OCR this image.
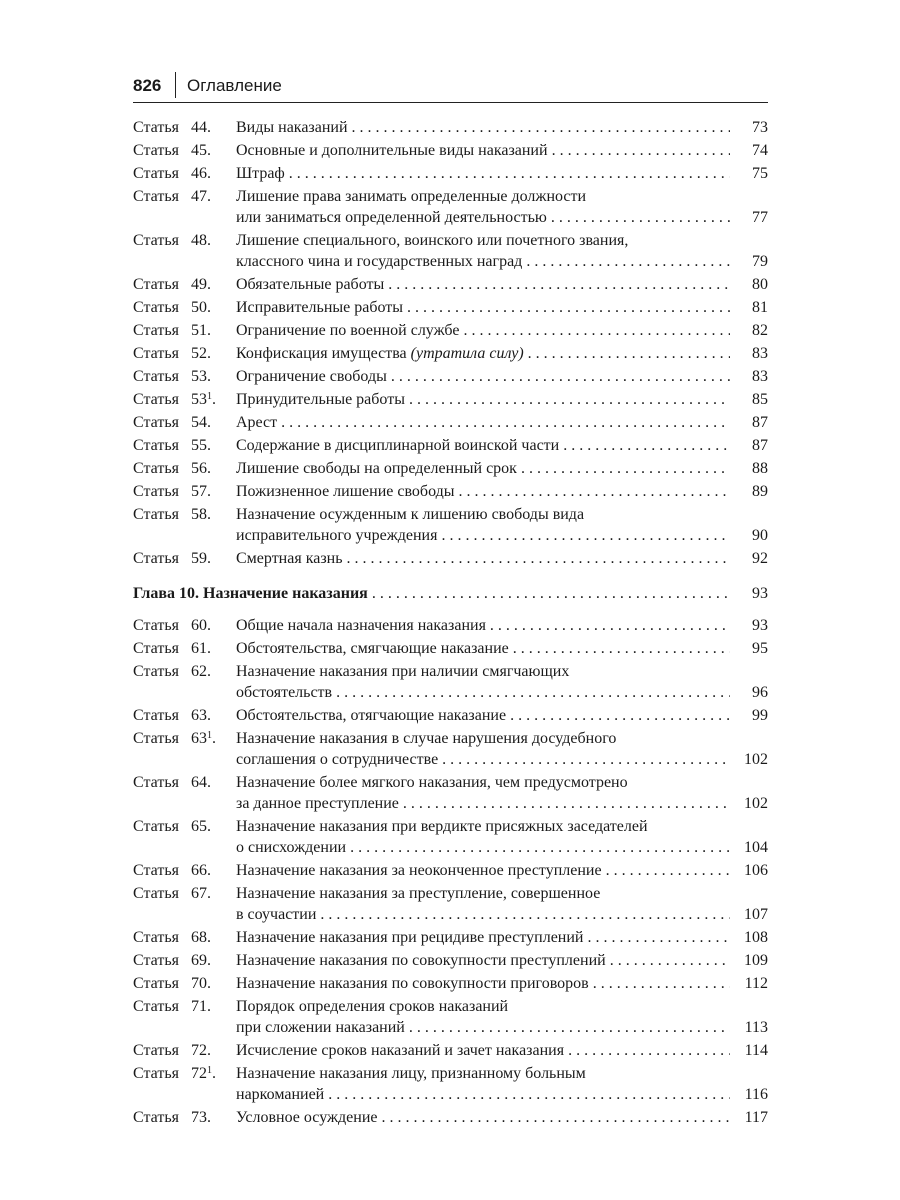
826 Оглавление
Статья 44.	Виды наказаний . . .	73
Статья 45.	Основные и дополнительные виды наказаний . . .	74
Статья 46.	Штраф . . .	75
Статья 47.	Лишение права занимать определенные должности
или заниматься определенной деятельностью . . .	77
Статья 48.	Лишение специального, воинского или почетного звания,
классного чина и государственных наград . . .	79
Статья 49.	Обязательные работы . . .	80
Статья 50.	Исправительные работы . . .	81
Статья 51.	Ограничение по военной службе . . .	82
Статья 52.	Конфискация имущества (утратила силу) . . .	83
Статья 53.	Ограничение свободы . . .	83
Статья $53^1$.	Принудительные работы . . .	85
Статья 54.	Арест . . .	87
Статья 55.	Содержание в дисциплинарной воинской части . . .	87
Статья 56.	Лишение свободы на определенный срок . . .	88
Статья 57.	Пожизненное лишение свободы . . .	89
Статья 58.	Назначение осужденным к лишению свободы вида
исправительного учреждения . . .	90
Статья 59.	Смертная казнь . . .	92
Глава 10. Назначение наказания . . .	93
Статья 60.	Общие начала назначения наказания . . .	93
Статья 61.	Обстоятельства, смягчающие наказание . . .	95
Статья 62.	Назначение наказания при наличии смягчающих
обстоятельств . . .	96
Статья 63.	Обстоятельства, отягчающие наказание . . .	99
Статья $63^1$.	Назначение наказания в случае нарушения досудебного
соглашения о сотрудничестве . . .	102
Статья 64.	Назначение более мягкого наказания, чем предусмотрено
за данное преступление . . .	102
Статья 65.	Назначение наказания при вердикте присяжных заседателей
о снисхождении . . .	104
Статья 66.	Назначение наказания за неоконченное преступление . . .	106
Статья 67.	Назначение наказания за преступление, совершенное
в соучастии . . .	107
Статья 68.	Назначение наказания при рецидиве преступлений . . .	108
Статья 69.	Назначение наказания по совокупности преступлений . . .	109
Статья 70.	Назначение наказания по совокупности приговоров . . .	112
Статья 71.	Порядок определения сроков наказаний
при сложении наказаний . . .	113
Статья 72.	Исчисление сроков наказаний и зачет наказания . . .	114
Статья $72^1$.	Назначение наказания лицу, признанному больным
наркоманией . . .	116
Статья 73.	Условное осуждение . . .	117
